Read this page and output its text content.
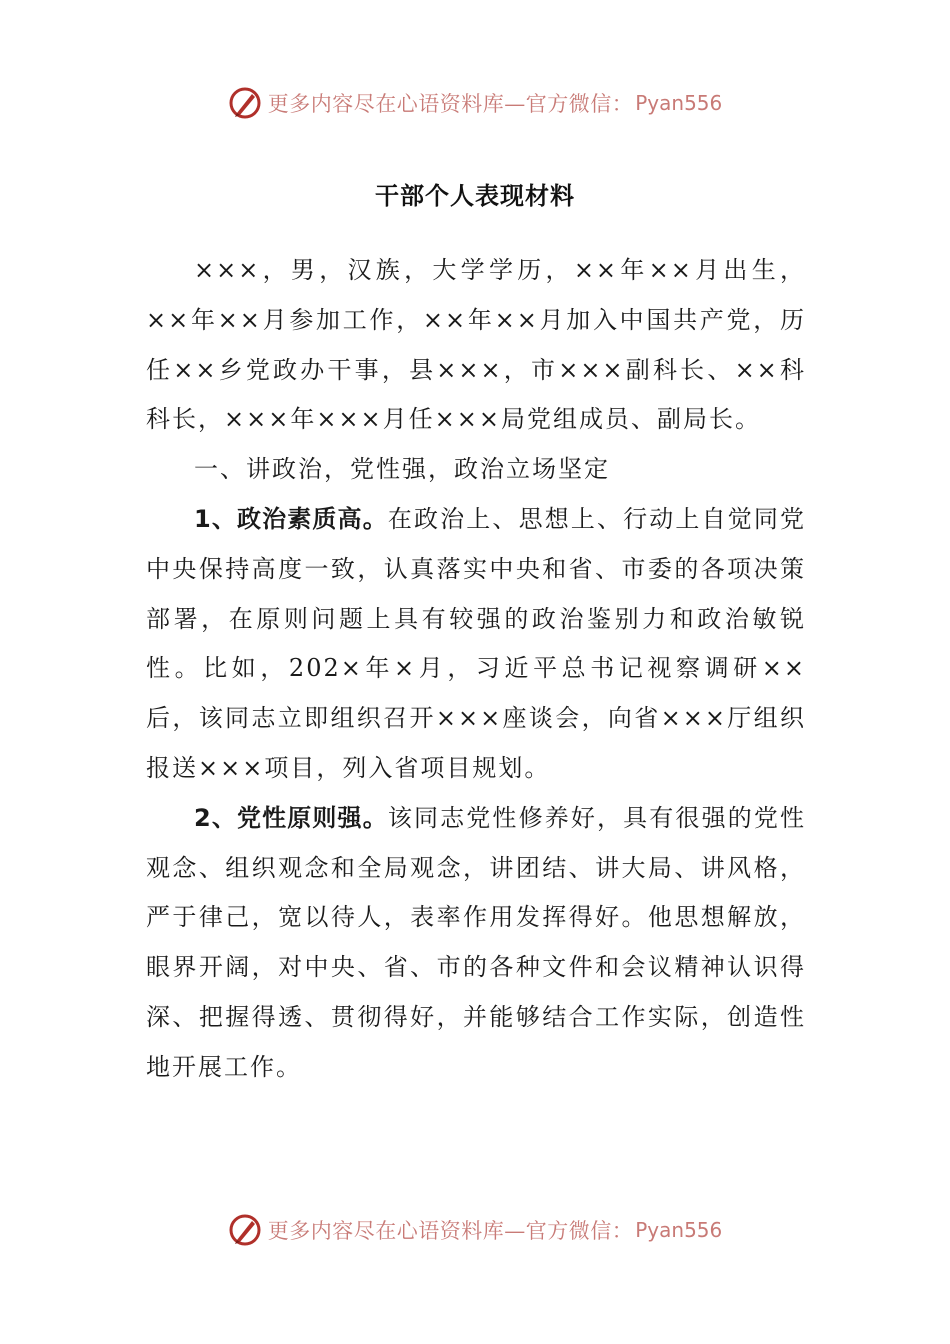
更多内容尽在心语资料库—官方微信： Pyan556
干部个人表现材料

×××，男，汉族，大学学历，××年××月出生，××年××月参加工作，××年××月加入中国共产党，历任××乡党政办干事，县×××，市×××副科长、××科科长，×××年×××月任×××局党组成员、副局长。

一、讲政治，党性强，政治立场坚定

1、政治素质高。在政治上、思想上、行动上自觉同党中央保持高度一致，认真落实中央和省、市委的各项决策部署，在原则问题上具有较强的政治鉴别力和政治敏锐性。比如，202×年×月，习近平总书记视察调研××后，该同志立即组织召开×××座谈会，向省×××厅组织报送×××项目，列入省项目规划。

2、党性原则强。该同志党性修养好，具有很强的党性观念、组织观念和全局观念，讲团结、讲大局、讲风格，严于律己，宽以待人，表率作用发挥得好。他思想解放，眼界开阔，对中央、省、市的各种文件和会议精神认识得深、把握得透、贯彻得好，并能够结合工作实际，创造性地开展工作。

更多内容尽在心语资料库—官方微信： Pyan556
